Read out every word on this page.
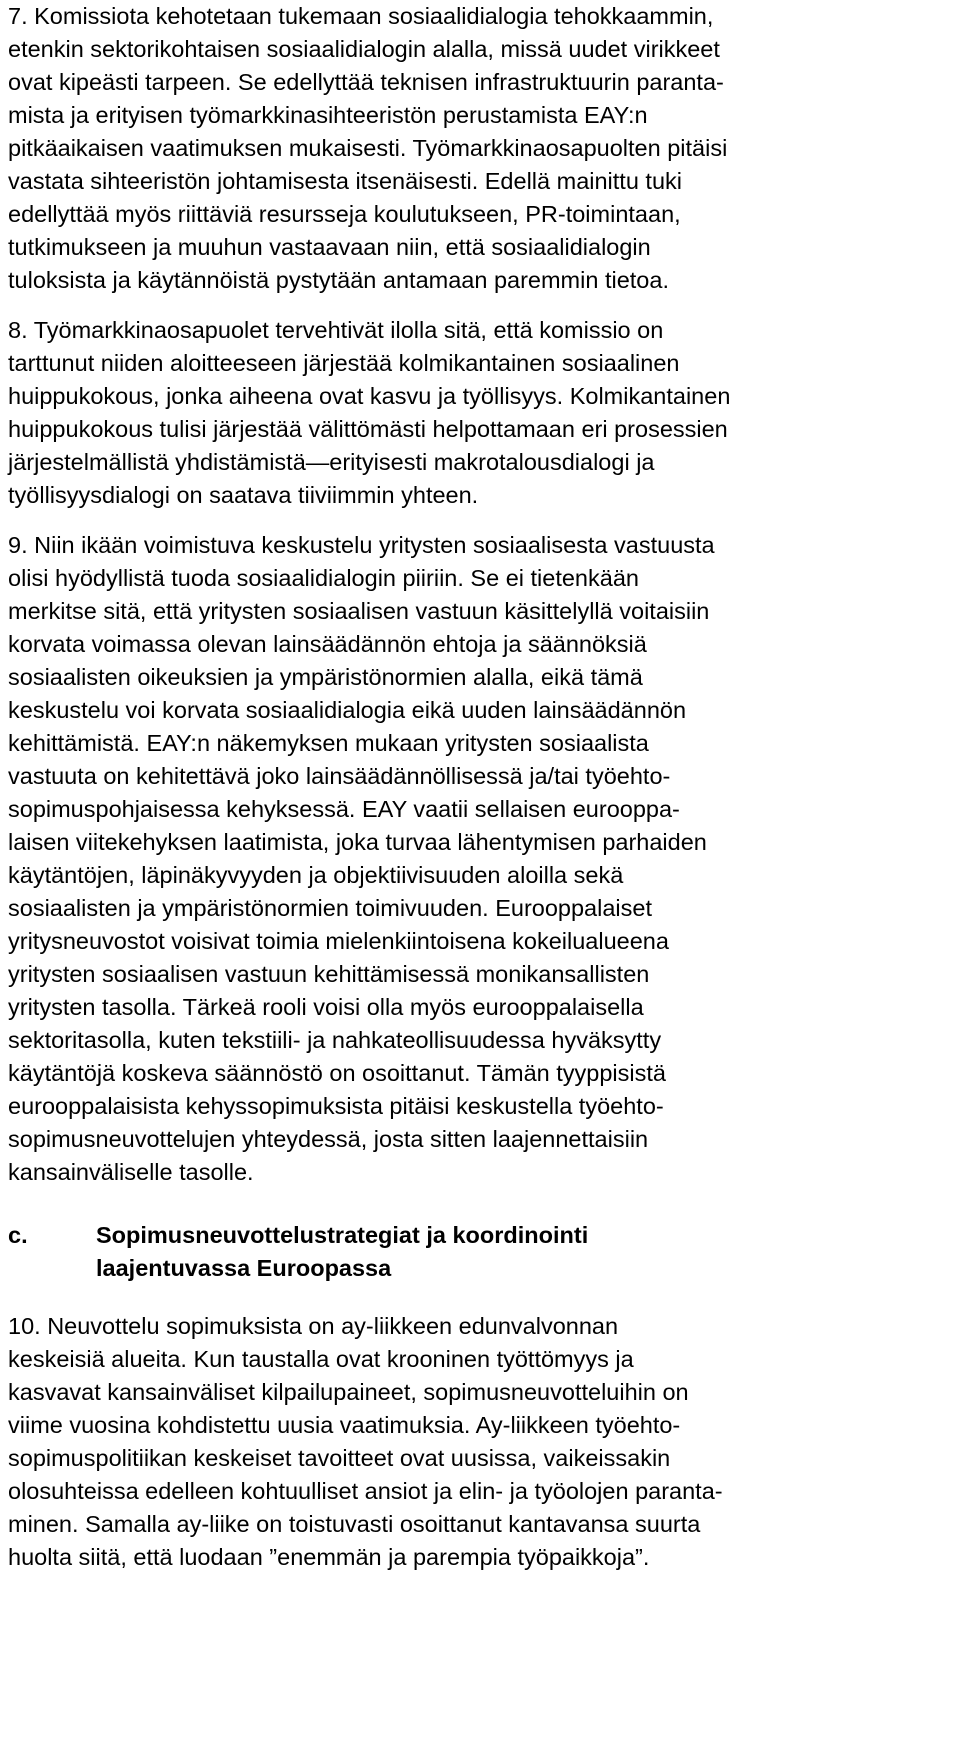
7. Komissiota kehotetaan tukemaan sosiaalidialogia tehokkaammin,
etenkin sektorikohtaisen sosiaalidialogin alalla, missä uudet virikkeet
ovat kipeästi tarpeen. Se edellyttää teknisen infrastruktuurin paranta-
mista ja erityisen työmarkkinasihteeristön perustamista EAY:n
pitkäaikaisen vaatimuksen mukaisesti. Työmarkkinaosapuolten pitäisi
vastata sihteeristön johtamisesta itsenäisesti. Edellä mainittu tuki
edellyttää myös riittäviä resursseja koulutukseen, PR-toimintaan,
tutkimukseen ja muuhun vastaavaan niin, että sosiaalidialogin
tuloksista ja käytännöistä pystytään antamaan paremmin tietoa.
8. Työmarkkinaosapuolet tervehtivät ilolla sitä, että komissio on
tarttunut niiden aloitteeseen järjestää kolmikantainen sosiaalinen
huippukokous, jonka aiheena ovat kasvu ja työllisyys. Kolmikantainen
huippukokous tulisi järjestää välittömästi helpottamaan eri prosessien
järjestelmällistä yhdistämistä—erityisesti makrotalousdialogi ja
työllisyysdialogi on saatava tiiviimmin yhteen.
9. Niin ikään voimistuva keskustelu yritysten sosiaalisesta vastuusta
olisi hyödyllistä tuoda sosiaalidialogin piiriin. Se ei tietenkään
merkitse sitä, että yritysten sosiaalisen vastuun käsittelyllä voitaisiin
korvata voimassa olevan lainsäädännön ehtoja ja säännöksiä
sosiaalisten oikeuksien ja ympäristönormien alalla, eikä tämä
keskustelu voi korvata sosiaalidialogia eikä uuden lainsäädännön
kehittämistä. EAY:n näkemyksen mukaan yritysten sosiaalista
vastuuta on kehitettävä joko lainsäädännöllisessä ja/tai työehto-
sopimuspohjaisessa kehyksessä. EAY vaatii sellaisen eurooppa-
laisen viitekehyksen laatimista, joka turvaa lähentymisen parhaiden
käytäntöjen, läpinäkyvyyden ja objektiivisuuden aloilla sekä
sosiaalisten ja ympäristönormien toimivuuden. Eurooppalaiset
yritysneuvostot voisivat toimia mielenkiintoisena kokeilualueena
yritysten sosiaalisen vastuun kehittämisessä monikansallisten
yritysten tasolla. Tärkeä rooli voisi olla myös eurooppalaisella
sektoritasolla, kuten tekstiili- ja nahkateollisuudessa hyväksytty
käytäntöjä koskeva säännöstö on osoittanut. Tämän tyyppisistä
eurooppalaisista kehyssopimuksista pitäisi keskustella työehto-
sopimusneuvottelujen yhteydessä, josta sitten laajennettaisiin
kansainväliselle tasolle.
c.	Sopimusneuvottelustrategiat ja koordinointi
laajentuvassa Euroopassa
10. Neuvottelu sopimuksista on ay-liikkeen edunvalvonnan
keskeisiä alueita. Kun taustalla ovat krooninen työttömyys ja
kasvavat kansainväliset kilpailupaineet, sopimusneuvotteluihin on
viime vuosina kohdistettu uusia vaatimuksia. Ay-liikkeen työehto-
sopimuspolitiikan keskeiset tavoitteet ovat uusissa, vaikeissakin
olosuhteissa edelleen kohtuulliset ansiot ja elin- ja työolojen paranta-
minen. Samalla ay-liike on toistuvasti osoittanut kantavansa suurta
huolta siitä, että luodaan ”enemmän ja parempia työpaikkoja”.
